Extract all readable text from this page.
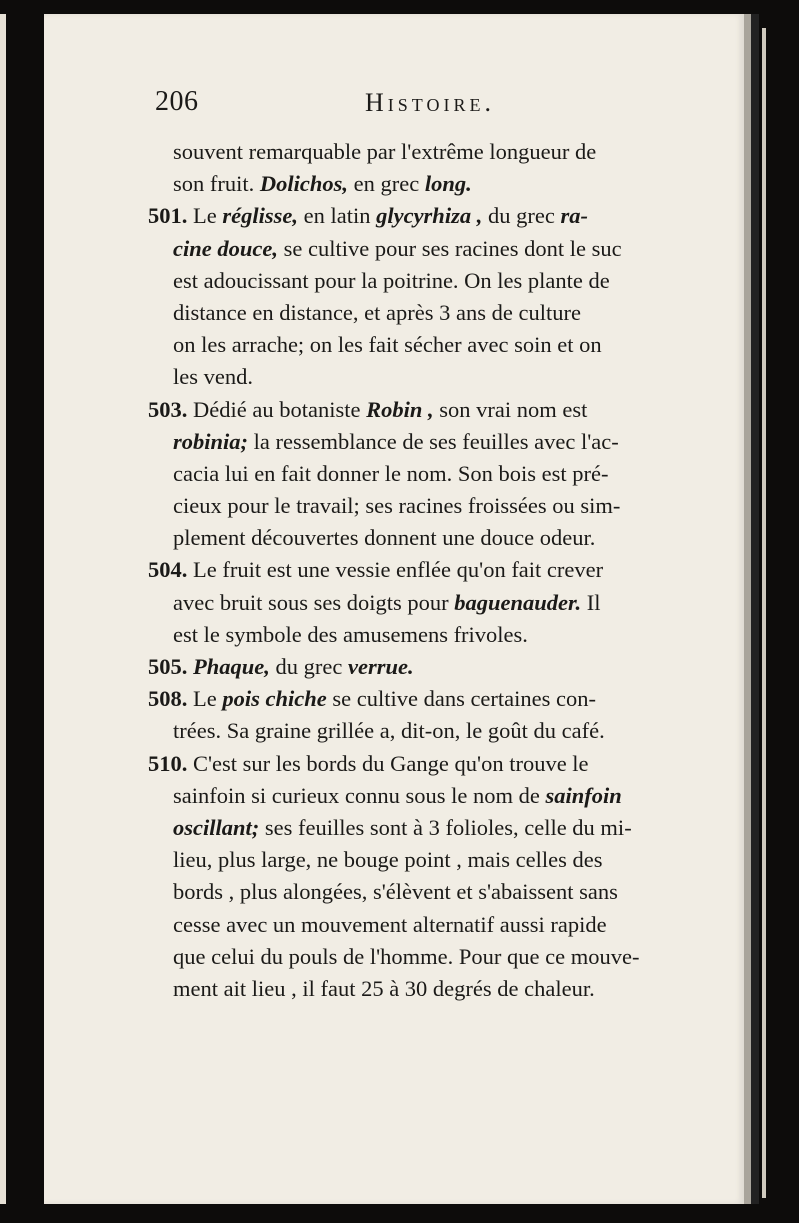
206	Histoire.
souvent remarquable par l'extrême longueur de
son fruit. Dolichos, en grec long.
501. Le réglisse, en latin glycyrhiza , du grec ra-
cine douce, se cultive pour ses racines dont le suc
est adoucissant pour la poitrine. On les plante de
distance en distance, et après 3 ans de culture
on les arrache; on les fait sécher avec soin et on
les vend.
503. Dédié au botaniste Robin , son vrai nom est
robinia; la ressemblance de ses feuilles avec l'ac-
cacia lui en fait donner le nom. Son bois est pré-
cieux pour le travail; ses racines froissées ou sim-
plement découvertes donnent une douce odeur.
504. Le fruit est une vessie enflée qu'on fait crever
avec bruit sous ses doigts pour baguenauder. Il
est le symbole des amusemens frivoles.
505. Phaque, du grec verrue.
508. Le pois chiche se cultive dans certaines con-
trées. Sa graine grillée a, dit-on, le goût du café.
510. C'est sur les bords du Gange qu'on trouve le
sainfoin si curieux connu sous le nom de sainfoin
oscillant; ses feuilles sont à 3 folioles, celle du mi-
lieu, plus large, ne bouge point , mais celles des
bords , plus alongées, s'élèvent et s'abaissent sans
cesse avec un mouvement alternatif aussi rapide
que celui du pouls de l'homme. Pour que ce mouve-
ment ait lieu , il faut 25 à 30 degrés de chaleur.
